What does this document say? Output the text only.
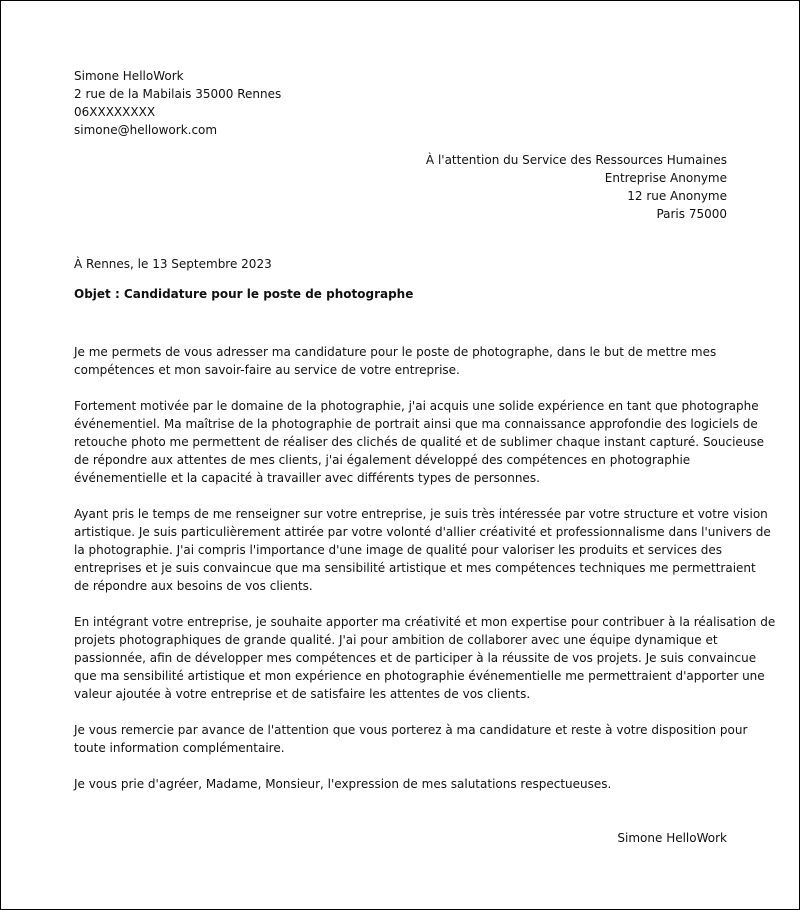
Simone HelloWork
2 rue de la Mabilais 35000 Rennes
06XXXXXXXX
simone@hellowork.com
À l'attention du Service des Ressources Humaines
Entreprise Anonyme
12 rue Anonyme
Paris 75000
À Rennes, le 13 Septembre 2023
Objet : Candidature pour le poste de photographe

Je me permets de vous adresser ma candidature pour le poste de photographe, dans le but de mettre mes
compétences et mon savoir-faire au service de votre entreprise.

Fortement motivée par le domaine de la photographie, j'ai acquis une solide expérience en tant que photographe
événementiel. Ma maîtrise de la photographie de portrait ainsi que ma connaissance approfondie des logiciels de
retouche photo me permettent de réaliser des clichés de qualité et de sublimer chaque instant capturé. Soucieuse
de répondre aux attentes de mes clients, j'ai également développé des compétences en photographie
événementielle et la capacité à travailler avec différents types de personnes.

Ayant pris le temps de me renseigner sur votre entreprise, je suis très intéressée par votre structure et votre vision
artistique. Je suis particulièrement attirée par votre volonté d'allier créativité et professionnalisme dans l'univers de
la photographie. J'ai compris l'importance d'une image de qualité pour valoriser les produits et services des
entreprises et je suis convaincue que ma sensibilité artistique et mes compétences techniques me permettraient
de répondre aux besoins de vos clients.

En intégrant votre entreprise, je souhaite apporter ma créativité et mon expertise pour contribuer à la réalisation de
projets photographiques de grande qualité. J'ai pour ambition de collaborer avec une équipe dynamique et
passionnée, afin de développer mes compétences et de participer à la réussite de vos projets. Je suis convaincue
que ma sensibilité artistique et mon expérience en photographie événementielle me permettraient d'apporter une
valeur ajoutée à votre entreprise et de satisfaire les attentes de vos clients.

Je vous remercie par avance de l'attention que vous porterez à ma candidature et reste à votre disposition pour
toute information complémentaire.

Je vous prie d'agréer, Madame, Monsieur, l'expression de mes salutations respectueuses.

Simone HelloWork
